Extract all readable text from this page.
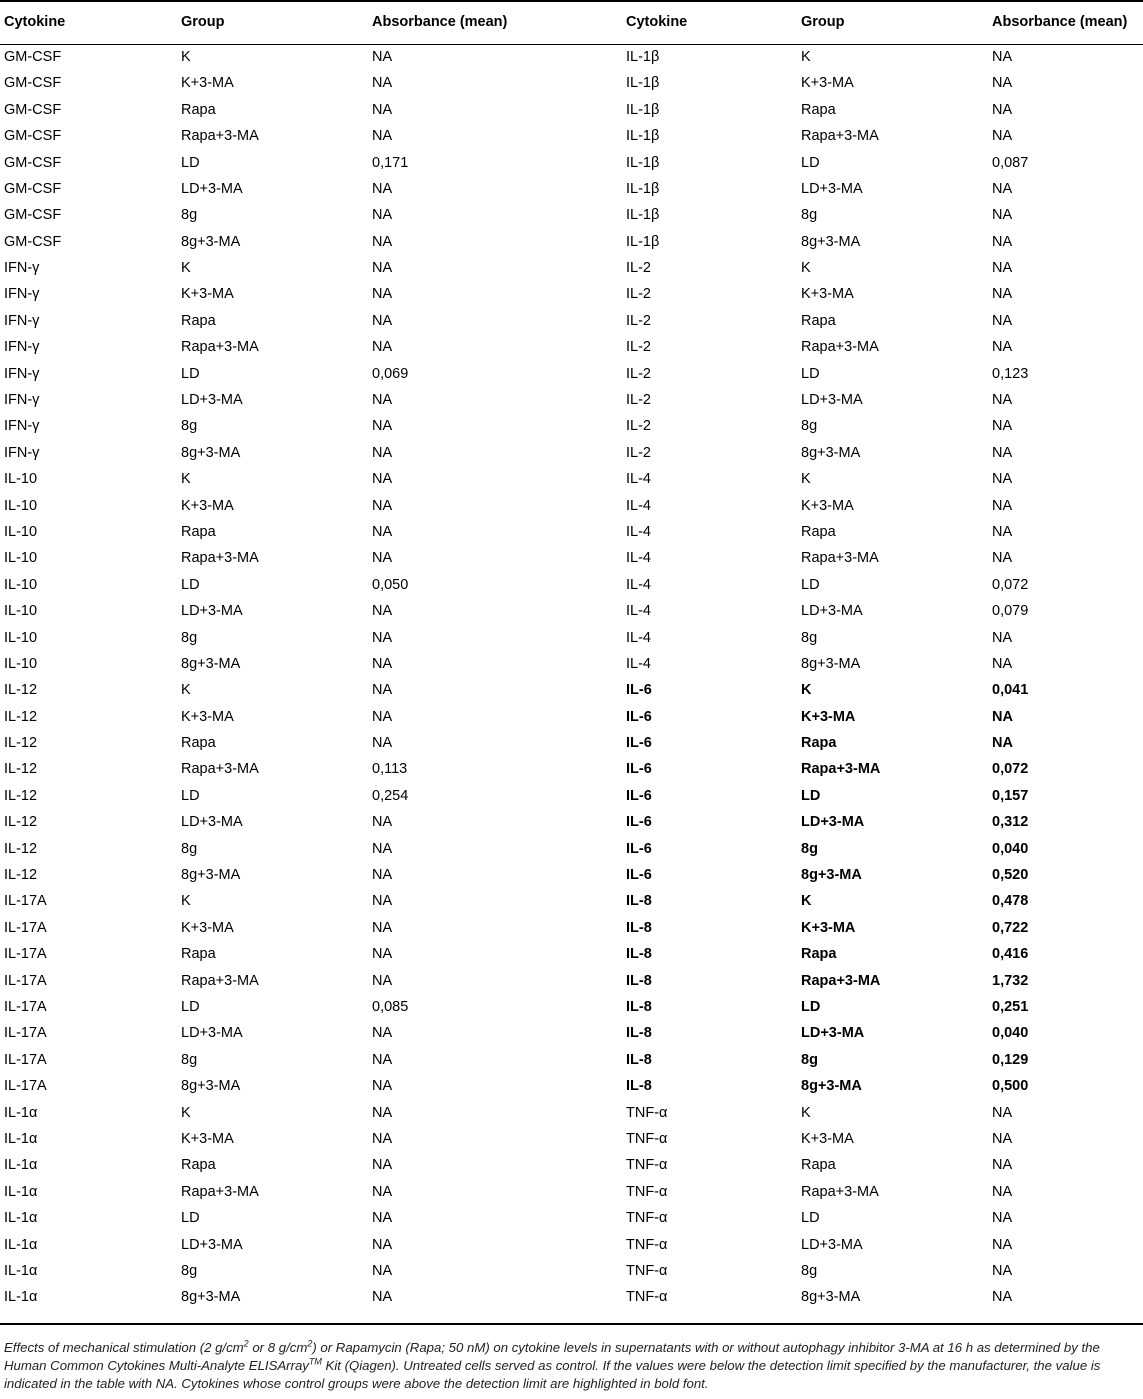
Cytokine	Group	Absorbance (mean)	Cytokine	Group	Absorbance (mean)
GM-CSF	K	NA	IL-1β	K	NA
GM-CSF	K+3-MA	NA	IL-1β	K+3-MA	NA
GM-CSF	Rapa	NA	IL-1β	Rapa	NA
GM-CSF	Rapa+3-MA	NA	IL-1β	Rapa+3-MA	NA
GM-CSF	LD	0,171	IL-1β	LD	0,087
GM-CSF	LD+3-MA	NA	IL-1β	LD+3-MA	NA
GM-CSF	8g	NA	IL-1β	8g	NA
GM-CSF	8g+3-MA	NA	IL-1β	8g+3-MA	NA
IFN-γ	K	NA	IL-2	K	NA
IFN-γ	K+3-MA	NA	IL-2	K+3-MA	NA
IFN-γ	Rapa	NA	IL-2	Rapa	NA
IFN-γ	Rapa+3-MA	NA	IL-2	Rapa+3-MA	NA
IFN-γ	LD	0,069	IL-2	LD	0,123
IFN-γ	LD+3-MA	NA	IL-2	LD+3-MA	NA
IFN-γ	8g	NA	IL-2	8g	NA
IFN-γ	8g+3-MA	NA	IL-2	8g+3-MA	NA
IL-10	K	NA	IL-4	K	NA
IL-10	K+3-MA	NA	IL-4	K+3-MA	NA
IL-10	Rapa	NA	IL-4	Rapa	NA
IL-10	Rapa+3-MA	NA	IL-4	Rapa+3-MA	NA
IL-10	LD	0,050	IL-4	LD	0,072
IL-10	LD+3-MA	NA	IL-4	LD+3-MA	0,079
IL-10	8g	NA	IL-4	8g	NA
IL-10	8g+3-MA	NA	IL-4	8g+3-MA	NA
IL-12	K	NA	IL-6	K	0,041
IL-12	K+3-MA	NA	IL-6	K+3-MA	NA
IL-12	Rapa	NA	IL-6	Rapa	NA
IL-12	Rapa+3-MA	0,113	IL-6	Rapa+3-MA	0,072
IL-12	LD	0,254	IL-6	LD	0,157
IL-12	LD+3-MA	NA	IL-6	LD+3-MA	0,312
IL-12	8g	NA	IL-6	8g	0,040
IL-12	8g+3-MA	NA	IL-6	8g+3-MA	0,520
IL-17A	K	NA	IL-8	K	0,478
IL-17A	K+3-MA	NA	IL-8	K+3-MA	0,722
IL-17A	Rapa	NA	IL-8	Rapa	0,416
IL-17A	Rapa+3-MA	NA	IL-8	Rapa+3-MA	1,732
IL-17A	LD	0,085	IL-8	LD	0,251
IL-17A	LD+3-MA	NA	IL-8	LD+3-MA	0,040
IL-17A	8g	NA	IL-8	8g	0,129
IL-17A	8g+3-MA	NA	IL-8	8g+3-MA	0,500
IL-1α	K	NA	TNF-α	K	NA
IL-1α	K+3-MA	NA	TNF-α	K+3-MA	NA
IL-1α	Rapa	NA	TNF-α	Rapa	NA
IL-1α	Rapa+3-MA	NA	TNF-α	Rapa+3-MA	NA
IL-1α	LD	NA	TNF-α	LD	NA
IL-1α	LD+3-MA	NA	TNF-α	LD+3-MA	NA
IL-1α	8g	NA	TNF-α	8g	NA
IL-1α	8g+3-MA	NA	TNF-α	8g+3-MA	NA
Effects of mechanical stimulation (2 $g/cm^2$ or 8 $g/cm^2$) or Rapamycin (Rapa; 50 nM) on cytokine levels in supernatants with or without autophagy inhibitor 3-MA at 16 h as determined by the Human Common Cytokines Multi-Analyte ELISArray™ Kit (Qiagen). Untreated cells served as control. If the values were below the detection limit specified by the manufacturer, the value is indicated in the table with NA. Cytokines whose control groups were above the detection limit are highlighted in bold font.
